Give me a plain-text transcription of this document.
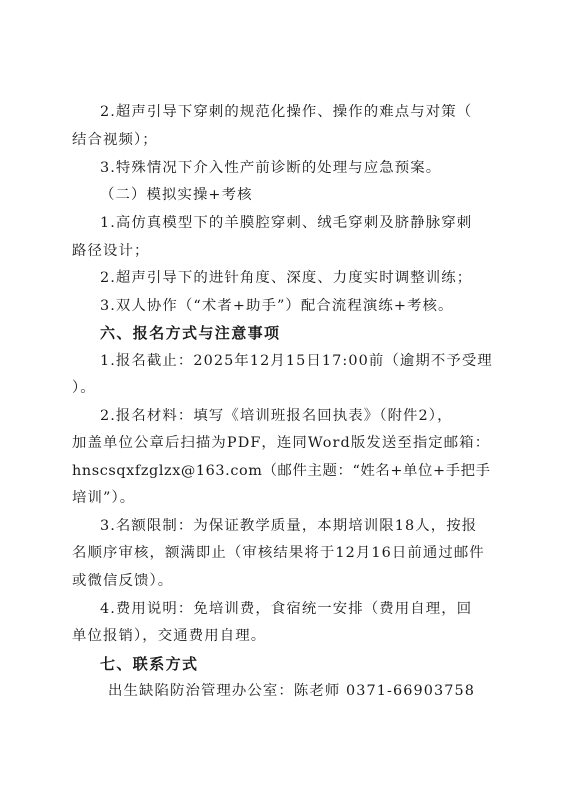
2.超声引导下穿刺的规范化操作、操作的难点与对策（
结合视频）；
3.特殊情况下介入性产前诊断的处理与应急预案。
（二）模拟实操+考核
1.高仿真模型下的羊膜腔穿刺、绒毛穿刺及脐静脉穿刺
路径设计；
2.超声引导下的进针角度、深度、力度实时调整训练；
3.双人协作（“术者+助手”）配合流程演练+考核。
六、报名方式与注意事项
1.报名截止：2025年12月15日17:00前（逾期不予受理
）。
2.报名材料：填写《培训班报名回执表》（附件2），
加盖单位公章后扫描为PDF，连同Word版发送至指定邮箱：
hnscsqxfzglzx@163.com（邮件主题：“姓名+单位+手把手
培训”）。
3.名额限制：为保证教学质量，本期培训限18人，按报
名顺序审核，额满即止（审核结果将于12月16日前通过邮件
或微信反馈）。
4.费用说明：免培训费，食宿统一安排（费用自理，回
单位报销），交通费用自理。
七、联系方式
出生缺陷防治管理办公室：陈老师 0371-66903758
